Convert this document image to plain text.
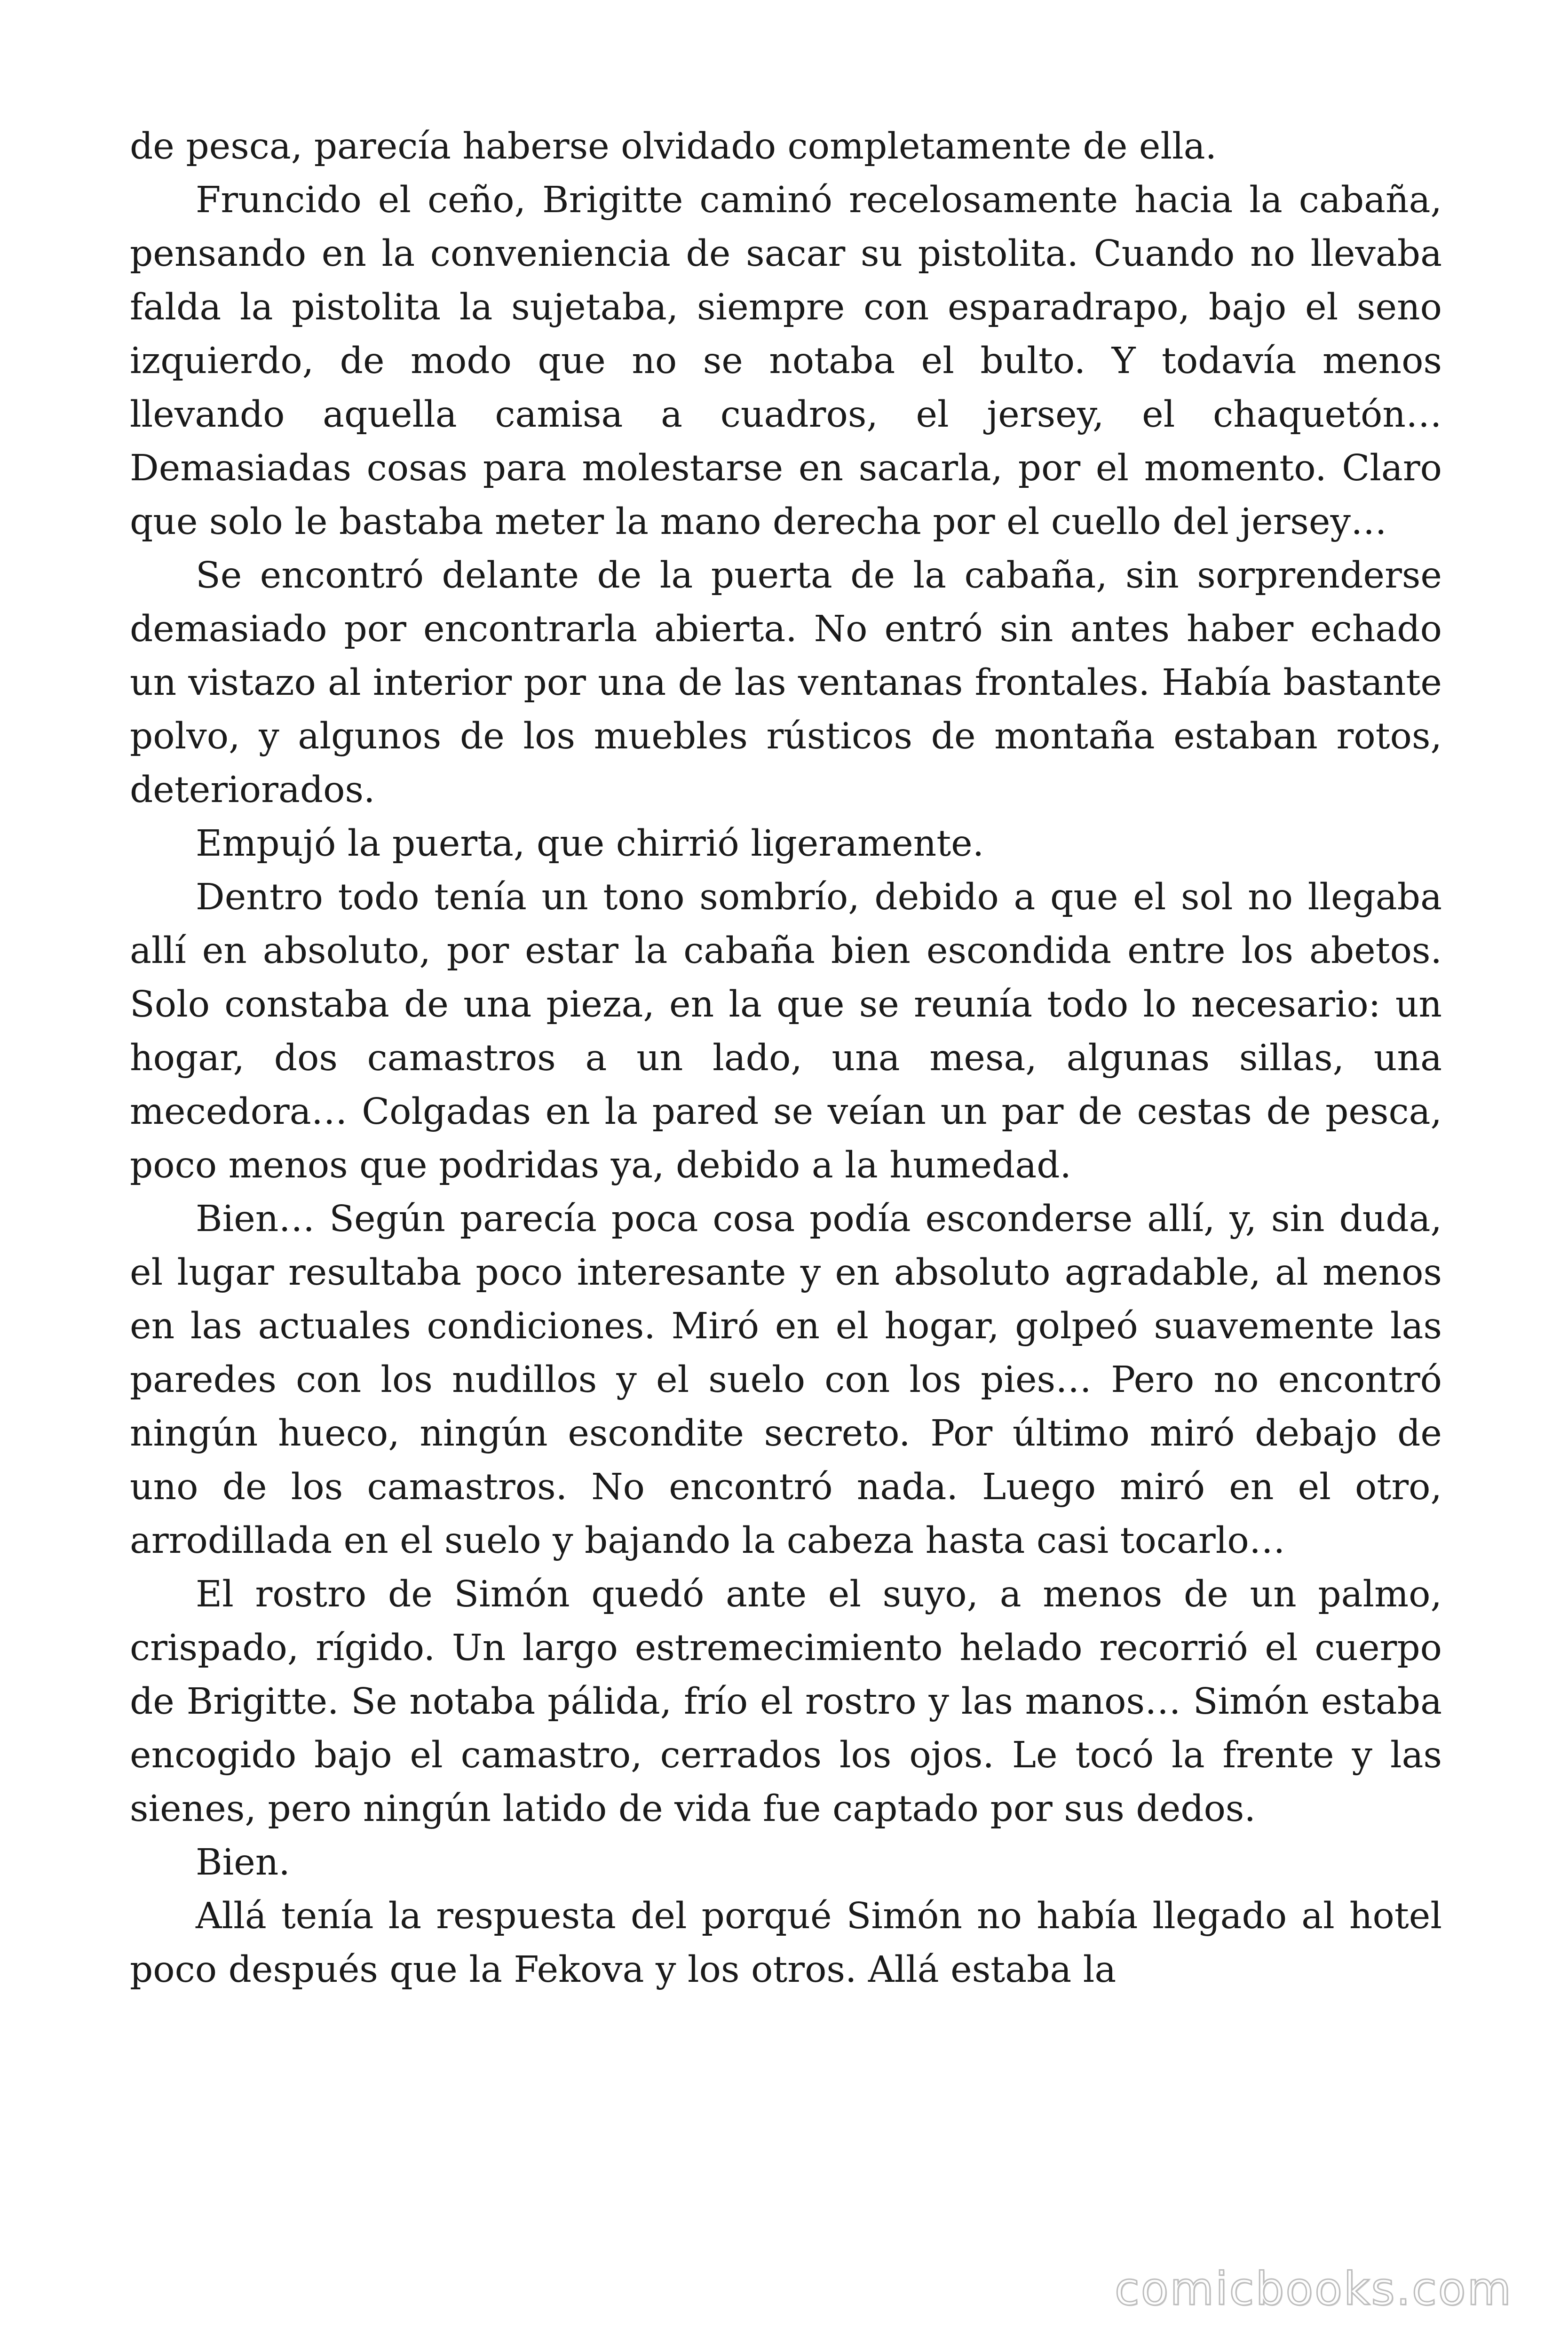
de pesca, parecía haberse olvidado completamente de ella.

Fruncido el ceño, Brigitte caminó recelosamente hacia la cabaña, pensando en la conveniencia de sacar su pistolita. Cuando no llevaba falda la pistolita la sujetaba, siempre con esparadrapo, bajo el seno izquierdo, de modo que no se notaba el bulto. Y todavía menos llevando aquella camisa a cuadros, el jersey, el chaquetón… Demasiadas cosas para molestarse en sacarla, por el momento. Claro que solo le bastaba meter la mano derecha por el cuello del jersey…

Se encontró delante de la puerta de la cabaña, sin sorprenderse demasiado por encontrarla abierta. No entró sin antes haber echado un vistazo al interior por una de las ventanas frontales. Había bastante polvo, y algunos de los muebles rústicos de montaña estaban rotos, deteriorados.

Empujó la puerta, que chirrió ligeramente.

Dentro todo tenía un tono sombrío, debido a que el sol no llegaba allí en absoluto, por estar la cabaña bien escondida entre los abetos. Solo constaba de una pieza, en la que se reunía todo lo necesario: un hogar, dos camastros a un lado, una mesa, algunas sillas, una mecedora… Colgadas en la pared se veían un par de cestas de pesca, poco menos que podridas ya, debido a la humedad.

Bien… Según parecía poca cosa podía esconderse allí, y, sin duda, el lugar resultaba poco interesante y en absoluto agradable, al menos en las actuales condiciones. Miró en el hogar, golpeó suavemente las paredes con los nudillos y el suelo con los pies… Pero no encontró ningún hueco, ningún escondite secreto. Por último miró debajo de uno de los camastros. No encontró nada. Luego miró en el otro, arrodillada en el suelo y bajando la cabeza hasta casi tocarlo…

El rostro de Simón quedó ante el suyo, a menos de un palmo, crispado, rígido. Un largo estremecimiento helado recorrió el cuerpo de Brigitte. Se notaba pálida, frío el rostro y las manos… Simón estaba encogido bajo el camastro, cerrados los ojos. Le tocó la frente y las sienes, pero ningún latido de vida fue captado por sus dedos.

Bien.

Allá tenía la respuesta del porqué Simón no había llegado al hotel poco después que la Fekova y los otros. Allá estaba la

comicbooks.com
